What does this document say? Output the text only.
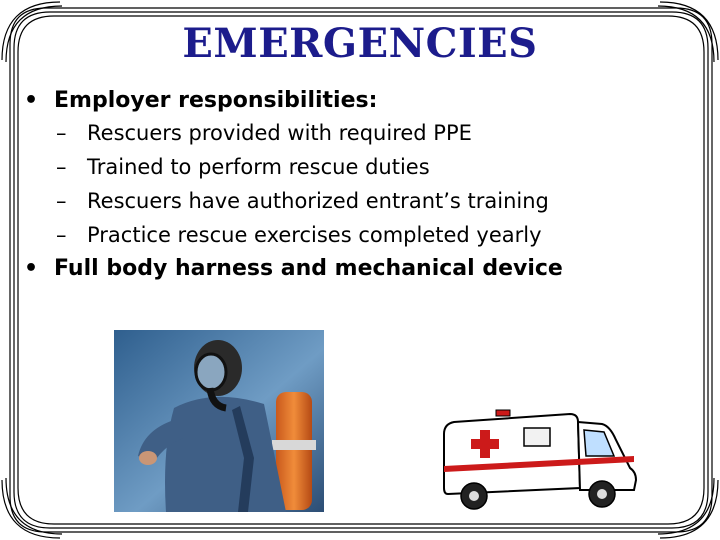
EMERGENCIES
• Employer responsibilities:
– Rescuers provided with required PPE
– Trained to perform rescue duties
– Rescuers have authorized entrant’s training
– Practice rescue exercises completed yearly
• Full body harness and mechanical device
